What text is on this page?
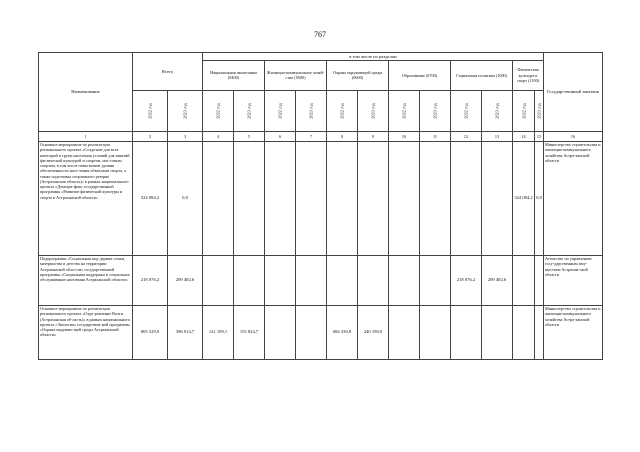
767
Наименование	Всего		в том числе по разделам												Государственный заказчик
			Национальная эконо-мика (0400)		Жилищно-коммунальное хозяй-ство (0500)		Охрана окружающей среды (0600)		Образование (0700)		Социальная политика (1000)		Физическая культура и спорт (1100)		

	2022 год	2023 год	2022 год	2023 год	2022 год	2023 год	2022 год	2023 год	2022 год	2023 год	2022 год	2023 год	2022 год	2023 год	

1	2	3	4	5	6	7	8	9	10	11	12	13	14	15	16
Основное мероприятие по реализа-ции регионального проекта «Созда-ние для всех категорий и групп населения условий для занятий фи-зической культурой и спортом, мас-совым спортом, в том числе повы-шение уровня обеспеченности насе-ления объектами спорта, а также подготовка спортивного резерва (Астраханская область)» в рамках национального проекта «Демогра-фия» государственной программы «Развитие физической культуры и спорта в Астраханской области»	324 084,2	0,0											324 084,2	0,0	Министерство строительства и жилищно-коммунального хозяйства Астра-ханской области
Подпрограмма «Социальная под-держка семьи, материнства и детства на территории Астраханской обла-сти» государственной программы «Социальная поддержка и социальное обслуживание населения Астраханской области»	218 076,2	209 482,6									218 076,2	209 482,6			Агентство по управлению госу-дарственным иму-ществом Астрахан-ской области
Основное мероприятие по реализа-ции регионального проекта «Оздо-ровление Волги (Астраханская об-ласть)» в рамках национального проекта «Экология» государствен-ной программы «Охрана окружаю-щей среды Астраханской области»	805 529,9	396 014,7	121 199,1	155 824,7			684 330,8	240 190,0							Министерство строительства и жилищно-коммунального хозяйства Астра-ханской области
